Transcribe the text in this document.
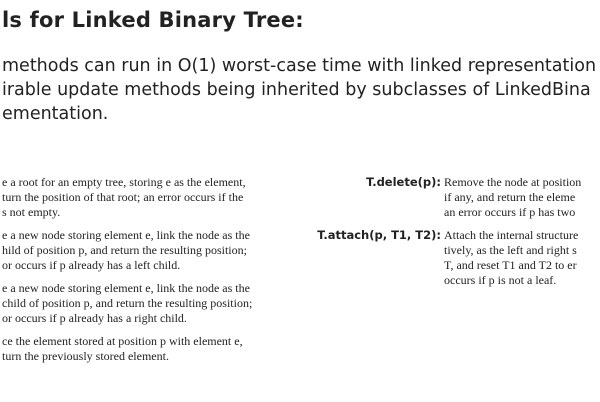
ls for Linked Binary Tree:
methods can run in O(1) worst-case time with linked representation
irable update methods being inherited by subclasses of LinkedBina
ementation.
e a root for an empty tree, storing e as the element,
turn the position of that root; an error occurs if the
s not empty.
e a new node storing element e, link the node as the
hild of position p, and return the resulting position;
or occurs if p already has a left child.
e a new node storing element e, link the node as the
child of position p, and return the resulting position;
or occurs if p already has a right child.
ce the element stored at position p with element e,
turn the previously stored element.
T.delete(p): Remove the node at position
if any, and return the eleme
an error occurs if p has two
T.attach(p, T1, T2): Attach the internal structure
tively, as the left and right s
T, and reset T1 and T2 to er
occurs if p is not a leaf.
